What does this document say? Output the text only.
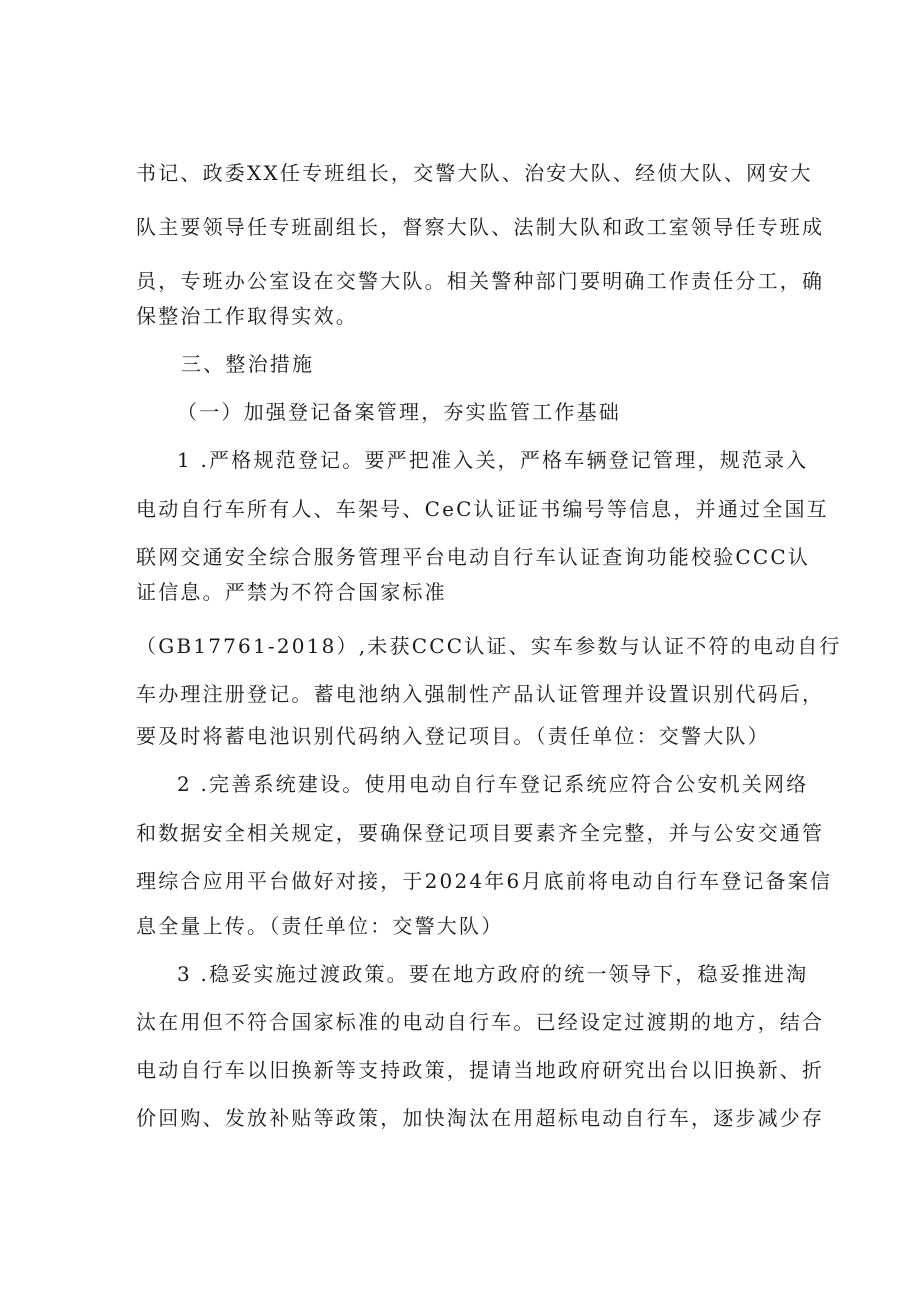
书记、政委XX任专班组长，交警大队、治安大队、经侦大队、网安大
队主要领导任专班副组长，督察大队、法制大队和政工室领导任专班成
员，专班办公室设在交警大队。相关警种部门要明确工作责任分工，确
保整治工作取得实效。
三、整治措施
（一）加强登记备案管理，夯实监管工作基础
1 .严格规范登记。要严把准入关，严格车辆登记管理，规范录入
电动自行车所有人、车架号、CeC认证证书编号等信息，并通过全国互
联网交通安全综合服务管理平台电动自行车认证查询功能校验CCC认
证信息。严禁为不符合国家标准
（GB17761-2018）,未获CCC认证、实车参数与认证不符的电动自行
车办理注册登记。蓄电池纳入强制性产品认证管理并设置识别代码后，
要及时将蓄电池识别代码纳入登记项目。（责任单位：交警大队）
2 .完善系统建设。使用电动自行车登记系统应符合公安机关网络
和数据安全相关规定，要确保登记项目要素齐全完整，并与公安交通管
理综合应用平台做好对接，于2024年6月底前将电动自行车登记备案信
息全量上传。（责任单位：交警大队）
3 .稳妥实施过渡政策。要在地方政府的统一领导下，稳妥推进淘
汰在用但不符合国家标准的电动自行车。已经设定过渡期的地方，结合
电动自行车以旧换新等支持政策，提请当地政府研究出台以旧换新、折
价回购、发放补贴等政策，加快淘汰在用超标电动自行车，逐步减少存
